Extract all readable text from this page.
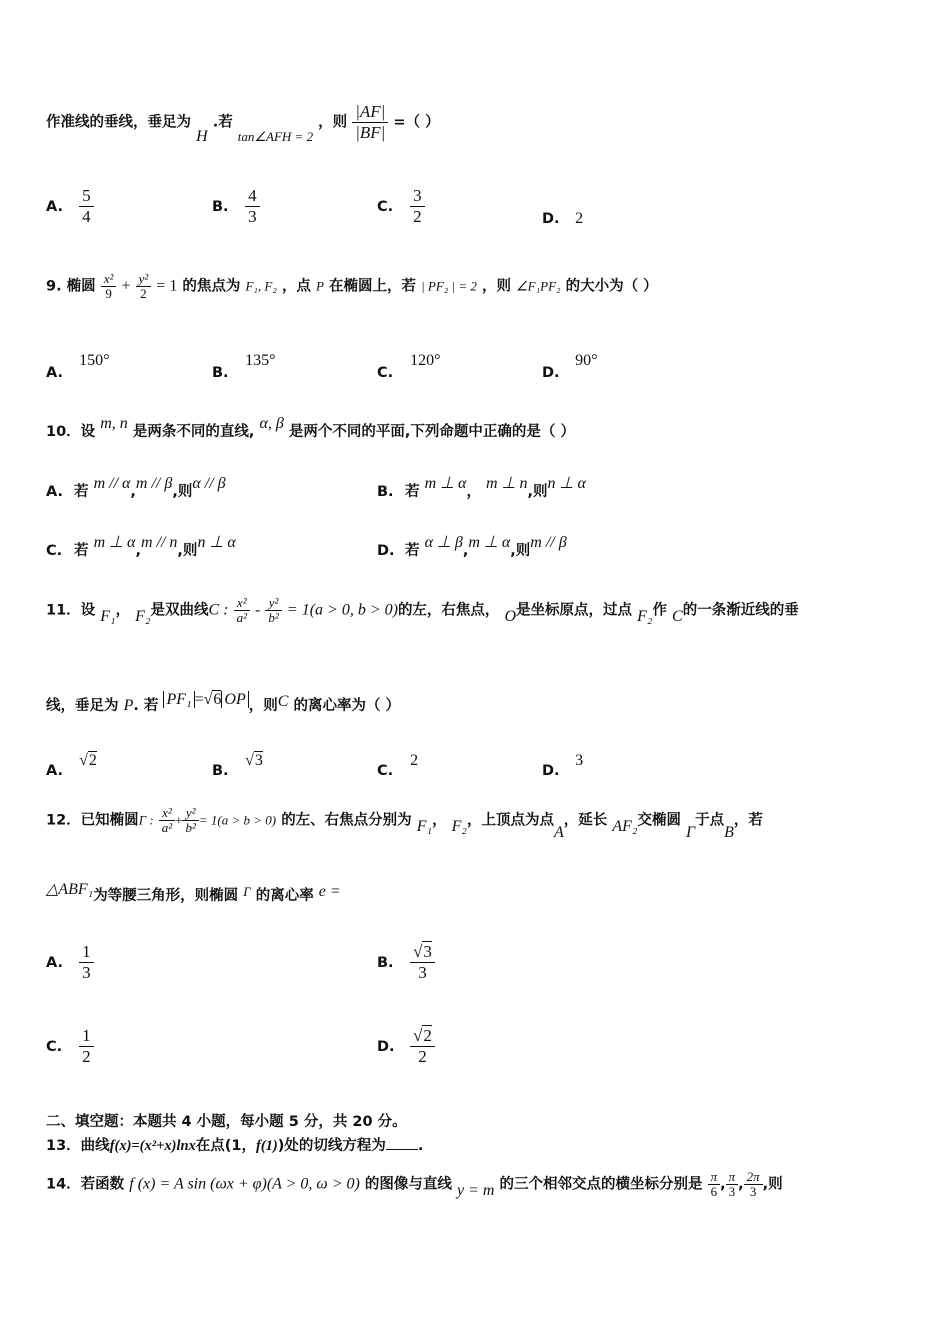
作准线的垂线，垂足为 H .若 tan∠AFH = 2 ，则 $\frac{|AF|}{|BF|}$ =（ ）
A. $\frac{5}{4}$	B. $\frac{4}{3}$	C. $\frac{3}{2}$	D. 2
9. 椭圆 $\frac{\text{x²}}{9} + \frac{\text{y²}}{2} = 1$ 的焦点为 F₁, F₂ ，点 P 在椭圆上，若 | PF₂ | = 2 ，则 ∠F₁PF₂ 的大小为（ ）
A. 150°
B. 135°
C. 120°
D. 90°
10．设 m, n 是两条不同的直线, α, β 是两个不同的平面,下列命题中正确的是（ ）
A. 若 m // α,m // β,则α // β	B. 若 m ⊥ α， m ⊥ n,则n ⊥ α
C. 若 m ⊥ α,m // n,则n ⊥ α	D. 若 α ⊥ β,m ⊥ α,则m // β
11．设 F₁， F₂是双曲线C : $\frac{\text{x²}}{\text{a²}} - \frac{\text{y²}}{\text{b²}} = 1(a > 0$, b > 0)的左，右焦点， O是坐标原点，过点 F₂作 C的一条渐近线的垂
线，垂足为 P. 若 PF₁ =√6 OP ，则C 的离心率为（ ）
A. √2
B. √3
C. 2
D. 3
12．已知椭圆Γ : $\frac{\text{x²}}{\text{a²}} + \frac{\text{y²}}{\text{b²}} = 1(a > b > 0)$ 的左、右焦点分别为 F₁， F₂，上顶点为点A，延长 AF₂交椭圆 Γ于点B，若
△ABF₁为等腰三角形，则椭圆 Γ 的离心率 e =
A. $\frac{1}{3}$	B. $\frac{√3}{3}$
C. $\frac{1}{2}$	D. $\frac{√2}{2}$
二、填空题：本题共 4 小题，每小题 5 分，共 20 分。
13．曲线f(x)=(x²+x)lnx在点(1，f(1))处的切线方程为 .
14．若函数 f (x) = A sin (ωx + φ)(A > 0, ω > 0) 的图像与直线 y = m 的三个相邻交点的横坐标分别是 $\frac{\pi}{6}$ , $\frac{\pi}{3}$ , $\frac{2\pi}{3}$ ,则
